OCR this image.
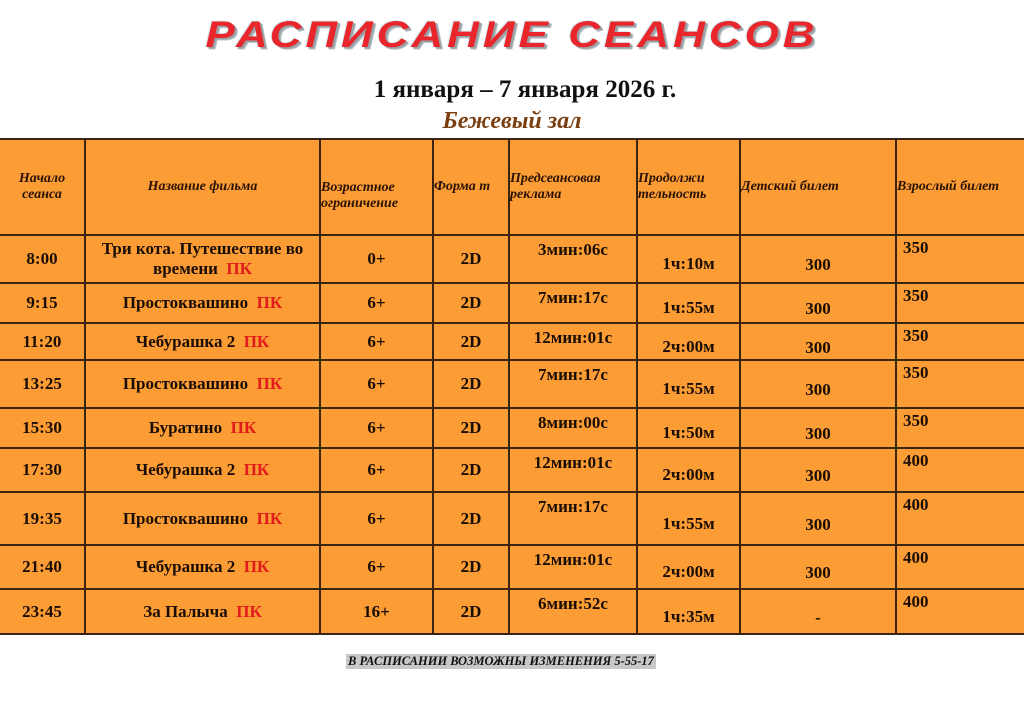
РАСПИСАНИЕ СЕАНСОВ
1 января – 7 января 2026 г.
Бежевый зал
Начало сеанса	Название фильма	Возрастное ограничение	Форма т	Предсеансовая реклама	Продолжи тельность	Детский билет	Взрослый билет
8:00	Три кота. Путешествие во времени ПК	0+	2D	3мин:06с	1ч:10м	300	350
9:15	Простоквашино ПК	6+	2D	7мин:17с	1ч:55м	300	350
11:20	Чебурашка 2 ПК	6+	2D	12мин:01с	2ч:00м	300	350
13:25	Простоквашино ПК	6+	2D	7мин:17с	1ч:55м	300	350
15:30	Буратино ПК	6+	2D	8мин:00с	1ч:50м	300	350
17:30	Чебурашка 2 ПК	6+	2D	12мин:01с	2ч:00м	300	400
19:35	Простоквашино ПК	6+	2D	7мин:17с	1ч:55м	300	400
21:40	Чебурашка 2 ПК	6+	2D	12мин:01с	2ч:00м	300	400
23:45	За Палыча ПК	16+	2D	6мин:52с	1ч:35м	-	400
В РАСПИСАНИИ ВОЗМОЖНЫ ИЗМЕНЕНИЯ 5-55-17
